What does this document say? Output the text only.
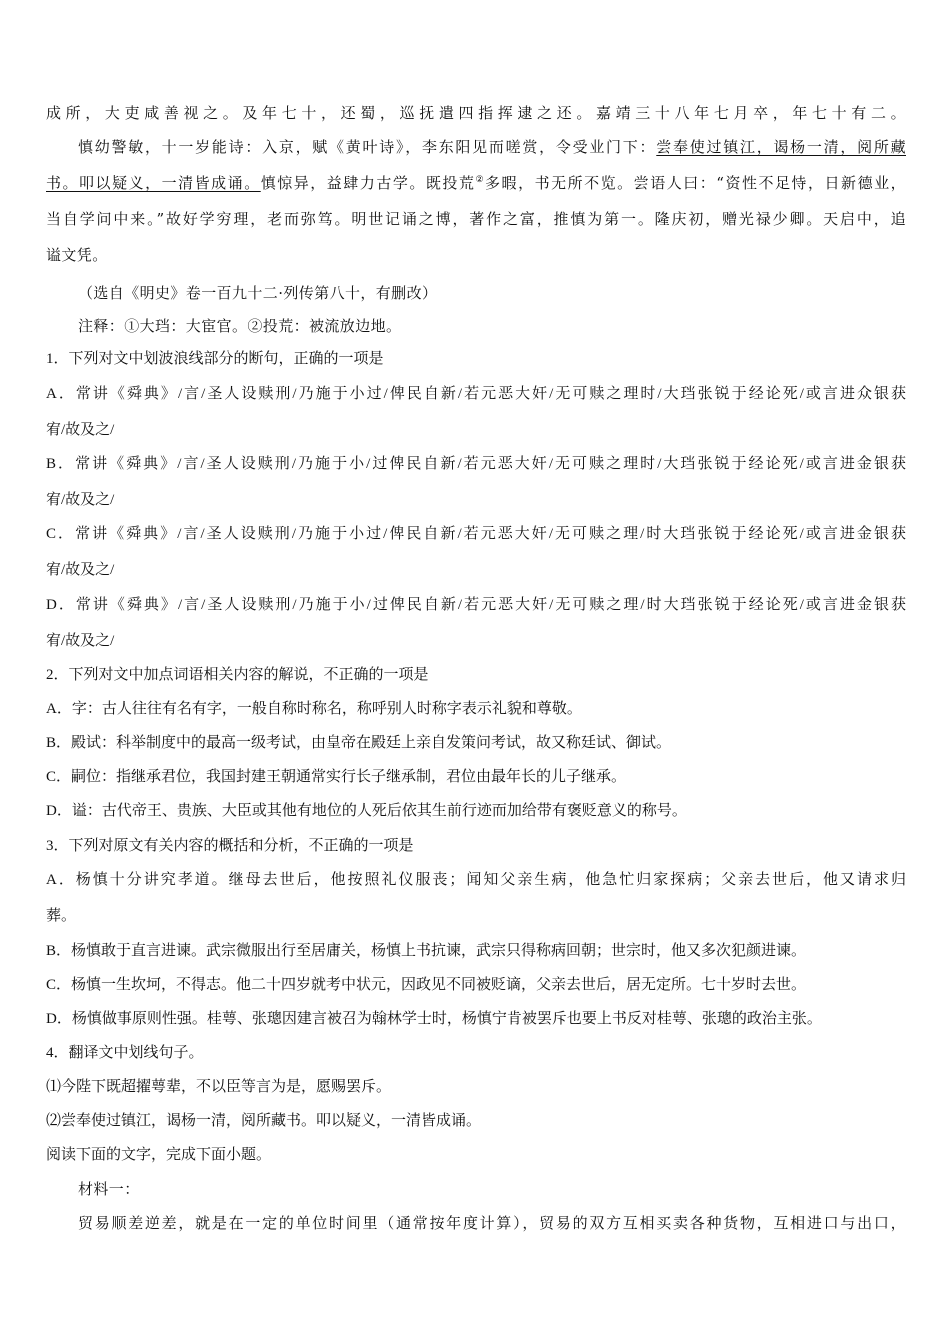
成所，大吏咸善视之。及年七十，还蜀，巡抚遣四指挥逮之还。嘉靖三十八年七月卒，年七十有二。
慎幼警敏，十一岁能诗：入京，赋《黄叶诗》，李东阳见而嗟赏，令受业门下：尝奉使过镇江，谒杨一清，阅所藏
书。叩以疑义，一清皆成诵。慎惊异，益肆力古学。既投荒②多暇，书无所不览。尝语人曰：“资性不足恃，日新德业，
当自学问中来。”故好学穷理，老而弥笃。明世记诵之博，著作之富，推慎为第一。隆庆初，赠光禄少卿。天启中，追
谥文凭。
（选自《明史》卷一百九十二·列传第八十，有删改）
注释：①大珰：大宦官。②投荒：被流放边地。
1．下列对文中划波浪线部分的断句，正确的一项是
A．常讲《舜典》/言/圣人设赎刑/乃施于小过/俾民自新/若元恶大奸/无可赎之理时/大珰张锐于经论死/或言进众银获
宥/故及之/
B．常讲《舜典》/言/圣人设赎刑/乃施于小/过俾民自新/若元恶大奸/无可赎之理时/大珰张锐于经论死/或言进金银获
宥/故及之/
C．常讲《舜典》/言/圣人设赎刑/乃施于小过/俾民自新/若元恶大奸/无可赎之理/时大珰张锐于经论死/或言进金银获
宥/故及之/
D．常讲《舜典》/言/圣人设赎刑/乃施于小/过俾民自新/若元恶大奸/无可赎之理/时大珰张锐于经论死/或言进金银获
宥/故及之/
2．下列对文中加点词语相关内容的解说，不正确的一项是
A．字：古人往往有名有字，一般自称时称名，称呼别人时称字表示礼貌和尊敬。
B．殿试：科举制度中的最高一级考试，由皇帝在殿廷上亲自发策问考试，故又称廷试、御试。
C．嗣位：指继承君位，我国封建王朝通常实行长子继承制，君位由最年长的儿子继承。
D．谥：古代帝王、贵族、大臣或其他有地位的人死后依其生前行迹而加给带有褒贬意义的称号。
3．下列对原文有关内容的概括和分析，不正确的一项是
A．杨慎十分讲究孝道。继母去世后，他按照礼仪服丧；闻知父亲生病，他急忙归家探病；父亲去世后，他又请求归
葬。
B．杨慎敢于直言进谏。武宗微服出行至居庸关，杨慎上书抗谏，武宗只得称病回朝；世宗时，他又多次犯颜进谏。
C．杨慎一生坎坷，不得志。他二十四岁就考中状元，因政见不同被贬谪，父亲去世后，居无定所。七十岁时去世。
D．杨慎做事原则性强。桂萼、张璁因建言被召为翰林学士时，杨慎宁肯被罢斥也要上书反对桂萼、张璁的政治主张。
4．翻译文中划线句子。
⑴今陛下既超擢萼辈，不以臣等言为是，愿赐罢斥。
⑵尝奉使过镇江，谒杨一清，阅所藏书。叩以疑义，一清皆成诵。
阅读下面的文字，完成下面小题。
材料一：
贸易顺差逆差，就是在一定的单位时间里（通常按年度计算），贸易的双方互相买卖各种货物，互相进口与出口，
